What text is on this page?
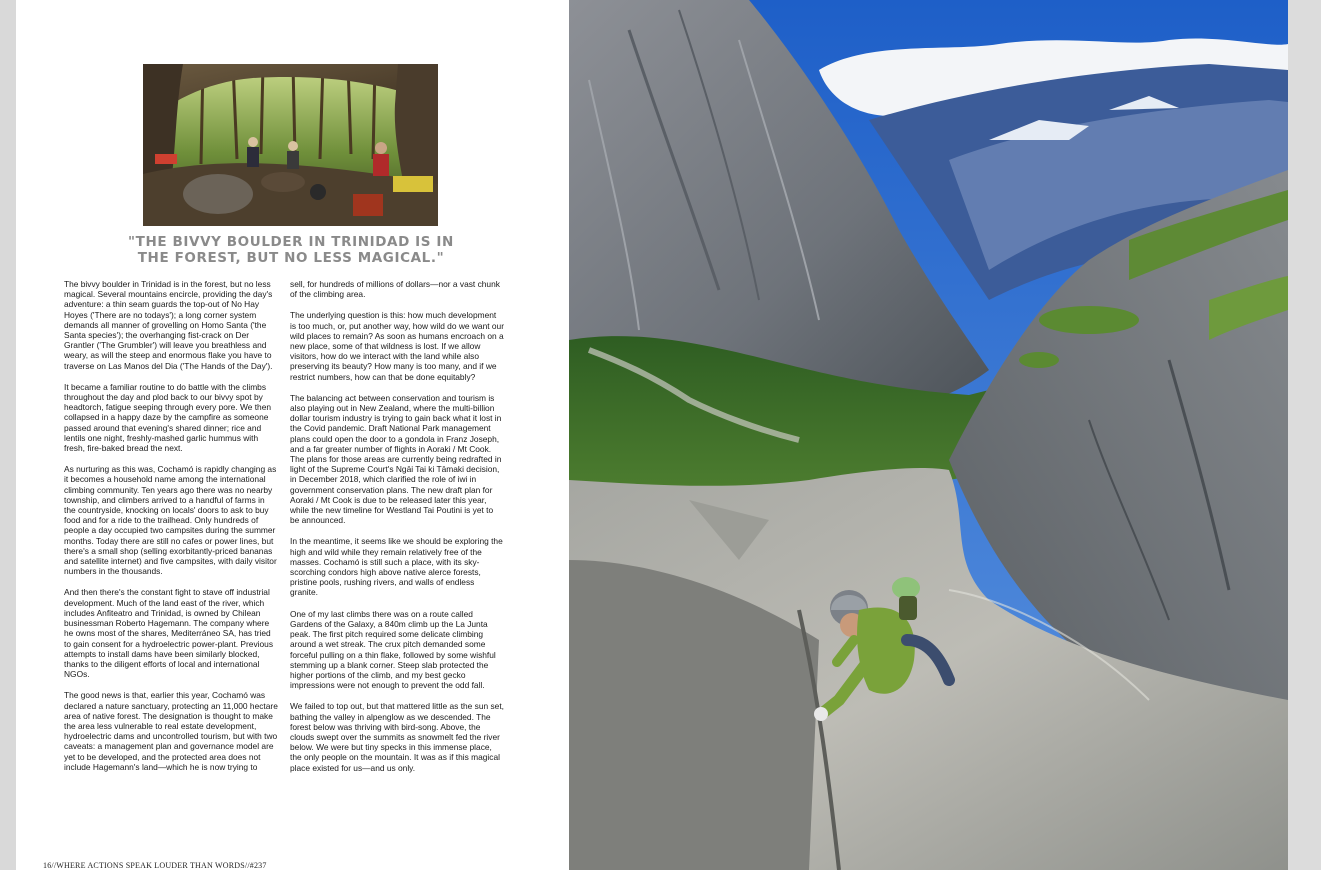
"THE BIVVY BOULDER IN TRINIDAD IS IN THE FOREST, BUT NO LESS MAGICAL."

The bivvy boulder in Trinidad is in the forest, but no less magical. Several mountains encircle, providing the day's adventure: a thin seam guards the top-out of No Hay Hoyes ('There are no todays'); a long corner system demands all manner of grovelling on Homo Santa ('the Santa species'); the overhanging fist-crack on Der Grantler ('The Grumbler') will leave you breathless and weary, as will the steep and enormous flake you have to traverse on Las Manos del Dia ('The Hands of the Day').

It became a familiar routine to do battle with the climbs throughout the day and plod back to our bivvy spot by headtorch, fatigue seeping through every pore. We then collapsed in a happy daze by the campfire as someone passed around that evening's shared dinner; rice and lentils one night, freshly-mashed garlic hummus with fresh, fire-baked bread the next.

As nurturing as this was, Cochamó is rapidly changing as it becomes a household name among the international climbing community. Ten years ago there was no nearby township, and climbers arrived to a handful of farms in the countryside, knocking on locals' doors to ask to buy food and for a ride to the trailhead. Only hundreds of people a day occupied two campsites during the summer months. Today there are still no cafes or power lines, but there's a small shop (selling exorbitantly-priced bananas and satellite internet) and five campsites, with daily visitor numbers in the thousands.

And then there's the constant fight to stave off industrial development. Much of the land east of the river, which includes Anfiteatro and Trinidad, is owned by Chilean businessman Roberto Hagemann. The company where he owns most of the shares, Mediterráneo SA, has tried to gain consent for a hydroelectric power-plant. Previous attempts to install dams have been similarly blocked, thanks to the diligent efforts of local and international NGOs.

The good news is that, earlier this year, Cochamó was declared a nature sanctuary, protecting an 11,000 hectare area of native forest. The designation is thought to make the area less vulnerable to real estate development, hydroelectric dams and uncontrolled tourism, but with two caveats: a management plan and governance model are yet to be developed, and the protected area does not include Hagemann's land—which he is now trying to

sell, for hundreds of millions of dollars—nor a vast chunk of the climbing area.

The underlying question is this: how much development is too much, or, put another way, how wild do we want our wild places to remain? As soon as humans encroach on a new place, some of that wildness is lost. If we allow visitors, how do we interact with the land while also preserving its beauty? How many is too many, and if we restrict numbers, how can that be done equitably?

The balancing act between conservation and tourism is also playing out in New Zealand, where the multi-billion dollar tourism industry is trying to gain back what it lost in the Covid pandemic. Draft National Park management plans could open the door to a gondola in Franz Joseph, and a far greater number of flights in Aoraki / Mt Cook. The plans for those areas are currently being redrafted in light of the Supreme Court's Ngāi Tai ki Tāmaki decision, in December 2018, which clarified the role of iwi in government conservation plans. The new draft plan for Aoraki / Mt Cook is due to be released later this year, while the new timeline for Westland Tai Poutini is yet to be announced.

In the meantime, it seems like we should be exploring the high and wild while they remain relatively free of the masses. Cochamó is still such a place, with its sky-scorching condors high above native alerce forests, pristine pools, rushing rivers, and walls of endless granite.

One of my last climbs there was on a route called Gardens of the Galaxy, a 840m climb up the La Junta peak. The first pitch required some delicate climbing around a wet streak. The crux pitch demanded some forceful pulling on a thin flake, followed by some wishful stemming up a blank corner. Steep slab protected the higher portions of the climb, and my best gecko impressions were not enough to prevent the odd fall.

We failed to top out, but that mattered little as the sun set, bathing the valley in alpenglow as we descended. The forest below was thriving with bird-song. Above, the clouds swept over the summits as snowmelt fed the river below. We were but tiny specks in this immense place, the only people on the mountain. It was as if this magical place existed for us—and us only.

16//WHERE ACTIONS SPEAK LOUDER THAN WORDS//#237
